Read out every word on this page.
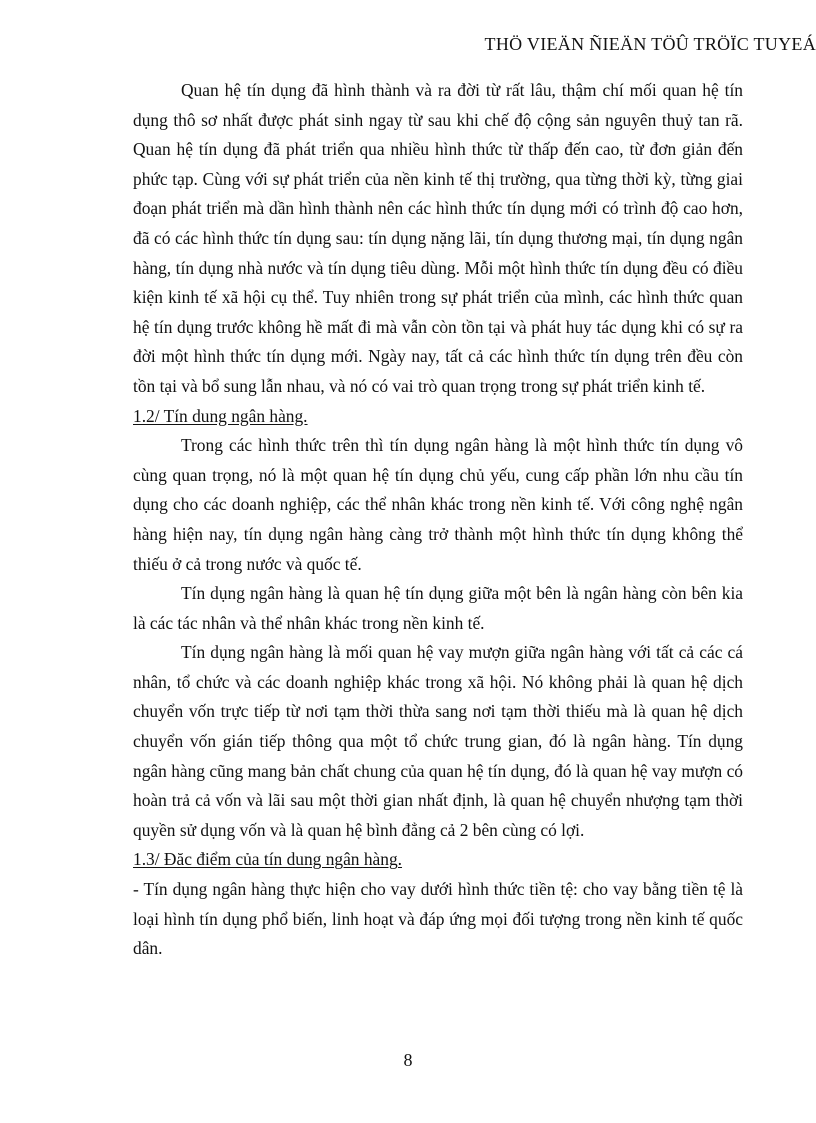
THÖ VIEÄN ÑIEÄN TÖÛ TRÖÏC TUYEÁ

Quan hệ tín dụng đã hình thành và ra đời từ rất lâu, thậm chí mối quan hệ tín dụng thô sơ nhất được phát sinh ngay từ sau khi chế độ cộng sản nguyên thuỷ tan rã. Quan hệ tín dụng đã phát triển qua nhiều hình thức từ thấp đến cao, từ đơn giản đến phức tạp. Cùng với sự phát triển của nền kinh tế thị trường, qua từng thời kỳ, từng giai đoạn phát triển mà dần hình thành nên các hình thức tín dụng mới có trình độ cao hơn, đã có các hình thức tín dụng sau: tín dụng nặng lãi, tín dụng thương mại, tín dụng ngân hàng, tín dụng nhà nước và tín dụng tiêu dùng. Mỗi một hình thức tín dụng đều có điều kiện kinh tế xã hội cụ thể. Tuy nhiên trong sự phát triển của mình, các hình thức quan hệ tín dụng trước không hề mất đi mà vẫn còn tồn tại và phát huy tác dụng khi có sự ra đời một hình thức tín dụng mới. Ngày nay, tất cả các hình thức tín dụng trên đều còn tồn tại và bổ sung lẫn nhau, và nó có vai trò quan trọng trong sự phát triển kinh tế.

1.2/ Tín dung ngân hàng.

Trong các hình thức trên thì tín dụng ngân hàng là một hình thức tín dụng vô cùng quan trọng, nó là một quan hệ tín dụng chủ yếu, cung cấp phần lớn nhu cầu tín dụng cho các doanh nghiệp, các thể nhân khác trong nền kinh tế. Với công nghệ ngân hàng hiện nay, tín dụng ngân hàng càng trở thành một hình thức tín dụng không thể thiếu ở cả trong nước và quốc tế.

Tín dụng ngân hàng là quan hệ tín dụng giữa một bên là ngân hàng còn bên kia là các tác nhân và thể nhân khác trong nền kinh tế.

Tín dụng ngân hàng là mối quan hệ vay mượn giữa ngân hàng với tất cả các cá nhân, tổ chức và các doanh nghiệp khác trong xã hội. Nó không phải là quan hệ dịch chuyển vốn trực tiếp từ nơi tạm thời thừa sang nơi tạm thời thiếu mà là quan hệ dịch chuyển vốn gián tiếp thông qua một tổ chức trung gian, đó là ngân hàng. Tín dụng ngân hàng cũng mang bản chất chung của quan hệ tín dụng, đó là quan hệ vay mượn có hoàn trả cả vốn và lãi sau một thời gian nhất định, là quan hệ chuyển nhượng tạm thời quyền sử dụng vốn và là quan hệ bình đẳng cả 2 bên cùng có lợi.

1.3/ Đăc điểm của tín dung ngân hàng.

- Tín dụng ngân hàng thực hiện cho vay dưới hình thức tiền tệ: cho vay bằng tiền tệ là loại hình tín dụng phổ biến, linh hoạt và đáp ứng mọi đối tượng trong nền kinh tế quốc dân.

8
